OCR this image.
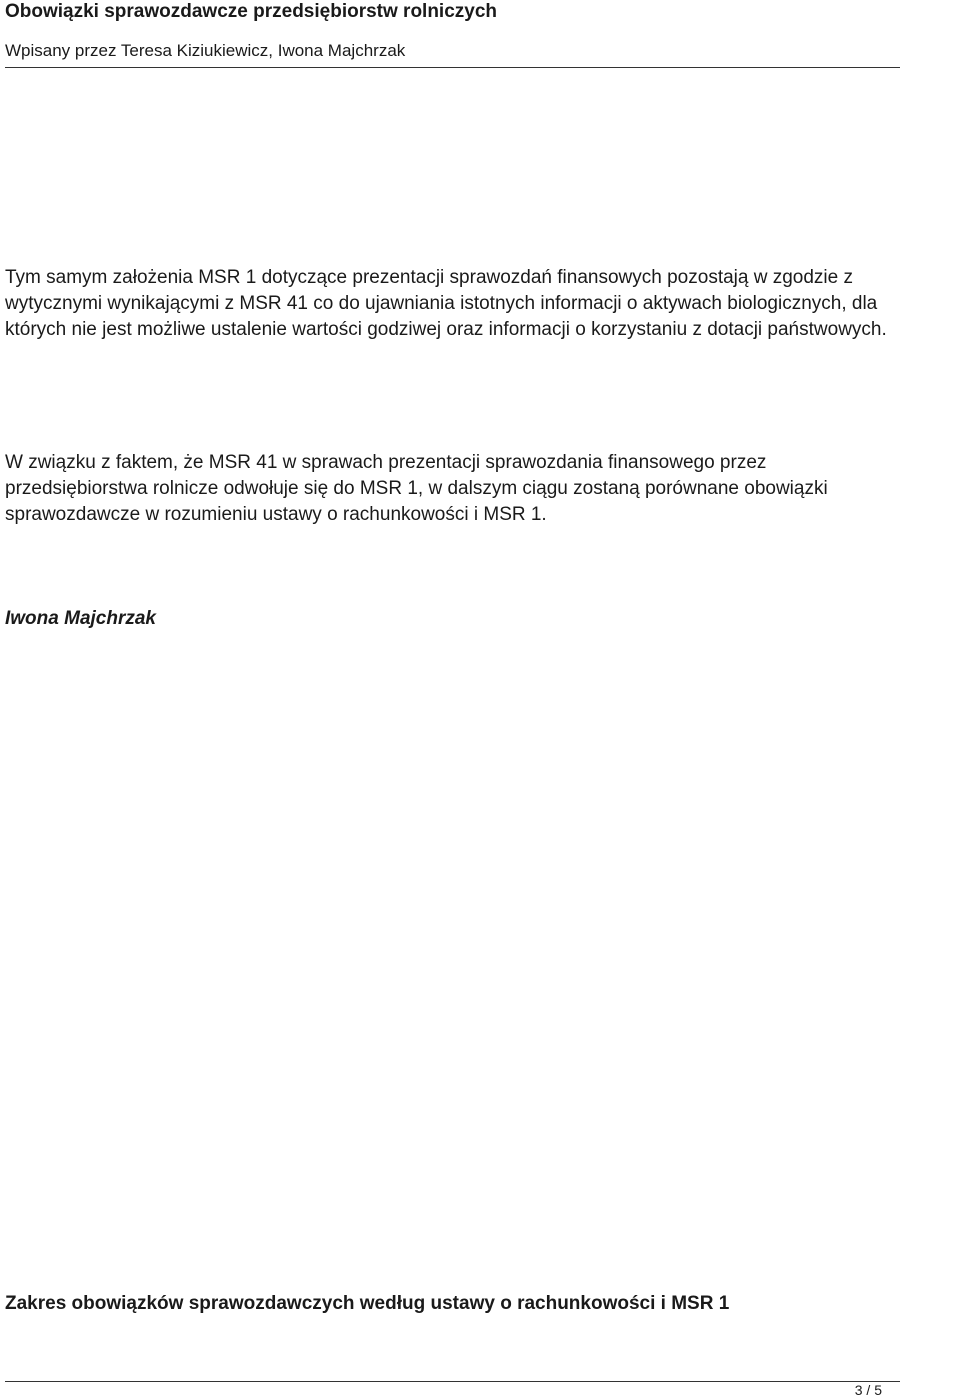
Obowiązki sprawozdawcze przedsiębiorstw rolniczych
Wpisany przez Teresa Kiziukiewicz, Iwona Majchrzak

Tym samym założenia MSR 1 dotyczące prezentacji sprawozdań finansowych pozostają w zgodzie z wytycznymi wynikającymi z MSR 41 co do ujawniania istotnych informacji o aktywach biologicznych, dla których nie jest możliwe ustalenie wartości godziwej oraz informacji o korzystaniu z dotacji państwowych.

W związku z faktem, że MSR 41 w sprawach prezentacji sprawozdania finansowego przez przedsiębiorstwa rolnicze odwołuje się do MSR 1, w dalszym ciągu zostaną porównane obowiązki sprawozdawcze w rozumieniu ustawy o rachunkowości i MSR 1.

Iwona Majchrzak
Zakres obowiązków sprawozdawczych według ustawy o rachunkowości i MSR 1
3 / 5
